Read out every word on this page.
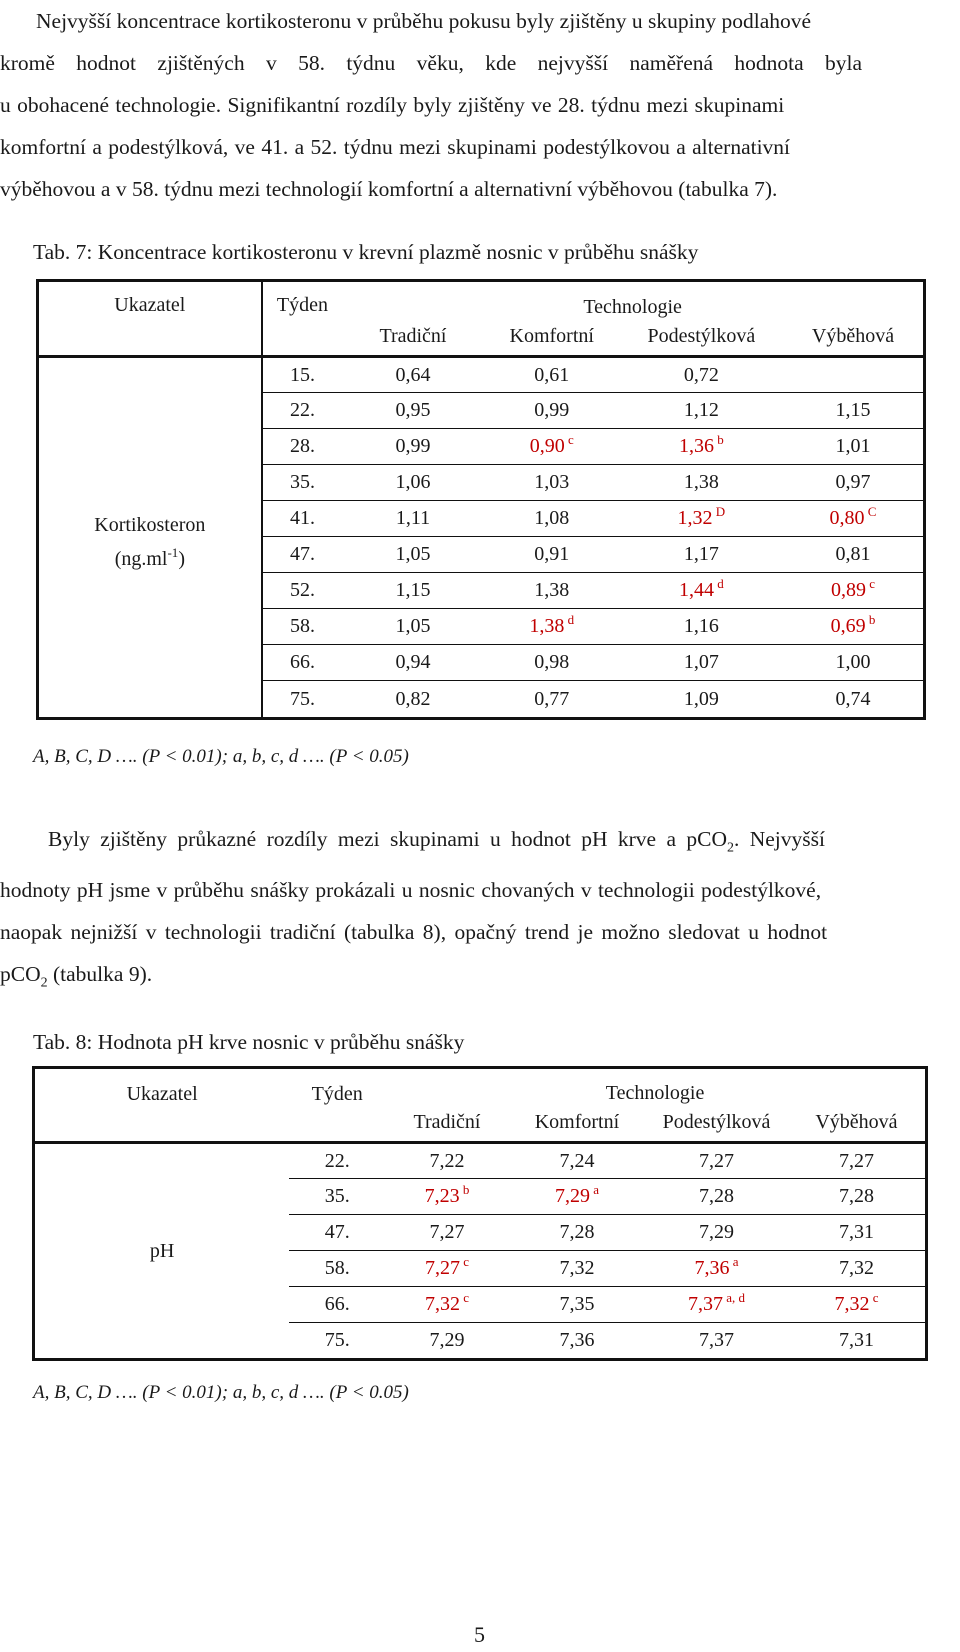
Nejvyšší koncentrace kortikosteronu v průběhu pokusu byly zjištěny u skupiny podlahové
kromě hodnot zjištěných v 58. týdnu věku, kde nejvyšší naměřená hodnota byla
u obohacené technologie. Signifikantní rozdíly byly zjištěny ve 28. týdnu mezi skupinami
komfortní a podestýlková, ve 41. a 52. týdnu mezi skupinami podestýlkovou a alternativní
výběhovou a v 58. týdnu mezi technologií komfortní a alternativní výběhovou (tabulka 7).
Tab. 7: Koncentrace kortikosteronu v krevní plazmě nosnic v průběhu snášky
Ukazatel	Týden	Technologie			
		Tradiční	Komfortní	Podestýlková	Výběhová

Kortikosteron
$(ng.ml^{-1})$	15.	0,64	0,61	0,72	
	22.	0,95	0,99	1,12	1,15
	28.	0,99	0,90 $^c$	1,36 $^b$	1,01
	35.	1,06	1,03	1,38	0,97
	41.	1,11	1,08	1,32 $^D$	0,80 $^C$
	47.	1,05	0,91	1,17	0,81
	52.	1,15	1,38	1,44 $^d$	0,89 $^c$
	58.	1,05	1,38 $^d$	1,16	0,69 $^b$
	66.	0,94	0,98	1,07	1,00
	75.	0,82	0,77	1,09	0,74
A, B, C, D …. (P < 0.01); a, b, c, d …. (P < 0.05)
Byly zjištěny průkazné rozdíly mezi skupinami u hodnot pH krve a pCO$_2$. Nejvyšší
hodnoty pH jsme v průběhu snášky prokázali u nosnic chovaných v technologii podestýlkové,
naopak nejnižší v technologii tradiční (tabulka 8), opačný trend je možno sledovat u hodnot
pCO$_2$ (tabulka 9).
Tab. 8: Hodnota pH krve nosnic v průběhu snášky
Ukazatel	Týden	Technologie			
		Tradiční	Komfortní	Podestýlková	Výběhová
pH	22.	7,22	7,24	7,27	7,27
	35.	7,23 $^b$	7,29 $^a$	7,28	7,28
	47.	7,27	7,28	7,29	7,31
	58.	7,27 $^c$	7,32	7,36 $^a$	7,32
	66.	7,32 $^c$	7,35	7,37 $^{a, d}$	7,32 $^c$
	75.	7,29	7,36	7,37	7,31
A, B, C, D …. (P < 0.01); a, b, c, d …. (P < 0.05)
5
